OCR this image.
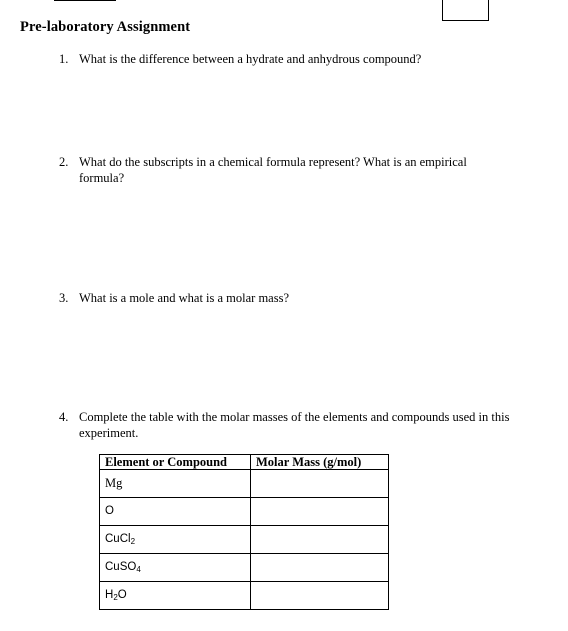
Pre-laboratory Assignment
1. What is the difference between a hydrate and anhydrous compound?
2. What do the subscripts in a chemical formula represent? What is an empirical formula?
3. What is a mole and what is a molar mass?
4. Complete the table with the molar masses of the elements and compounds used in this experiment.
Element or Compound	Molar Mass (g/mol)
Mg	
O	
CuCl$_2$	
CuSO$_4$	
$H_2O$	
